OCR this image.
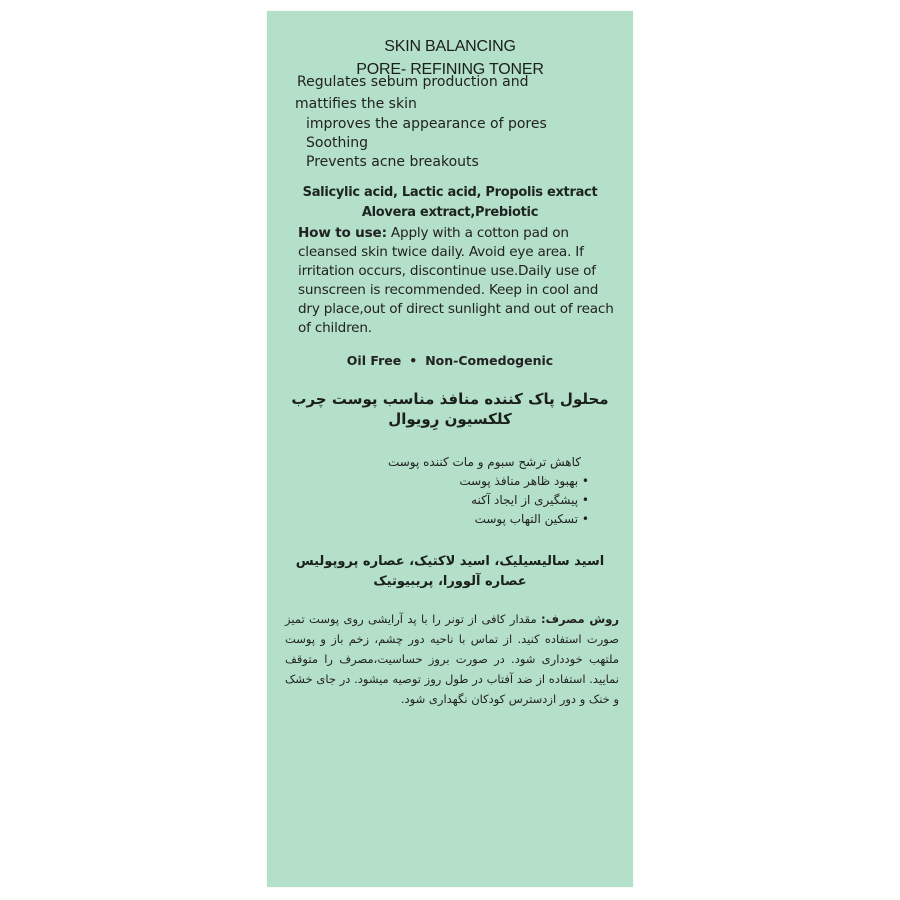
SKIN BALANCING
PORE- REFINING TONER
Regulates sebum production and
mattifies the skin
improves the appearance of pores
Soothing
Prevents acne breakouts
Salicylic acid, Lactic acid, Propolis extract
Alovera extract,Prebiotic
How to use: Apply with a cotton pad on cleansed skin twice daily. Avoid eye area. If irritation occurs, discontinue use.Daily use of sunscreen is recommended. Keep in cool and dry place,out of direct sunlight and out of reach of children.
Oil Free • Non-Comedogenic
محلول پاک کننده منافذ مناسب پوست چرب
کلکسیون رِویوال
کاهش ترشح سبوم و مات کننده پوست
• بهبود ظاهر منافذ پوست
• پیشگیری از ایجاد آکنه
• تسکین التهاب پوست
اسید سالیسیلیک، اسید لاکتیک، عصاره پروپولیس
عصاره آلوورا، پریبیوتیک
روش مصرف: مقدار کافی از تونر را با پد آرایشی روی پوست تمیز صورت استفاده کنید. از تماس با ناحیه دور چشم، زخم باز و پوست ملتهب خودداری شود. در صورت بروز حساسیت،مصرف را متوقف نمایید. استفاده از ضد آفتاب در طول روز توصیه میشود. در جای خشک و خنک و دور ازدسترس کودکان نگهداری شود.
